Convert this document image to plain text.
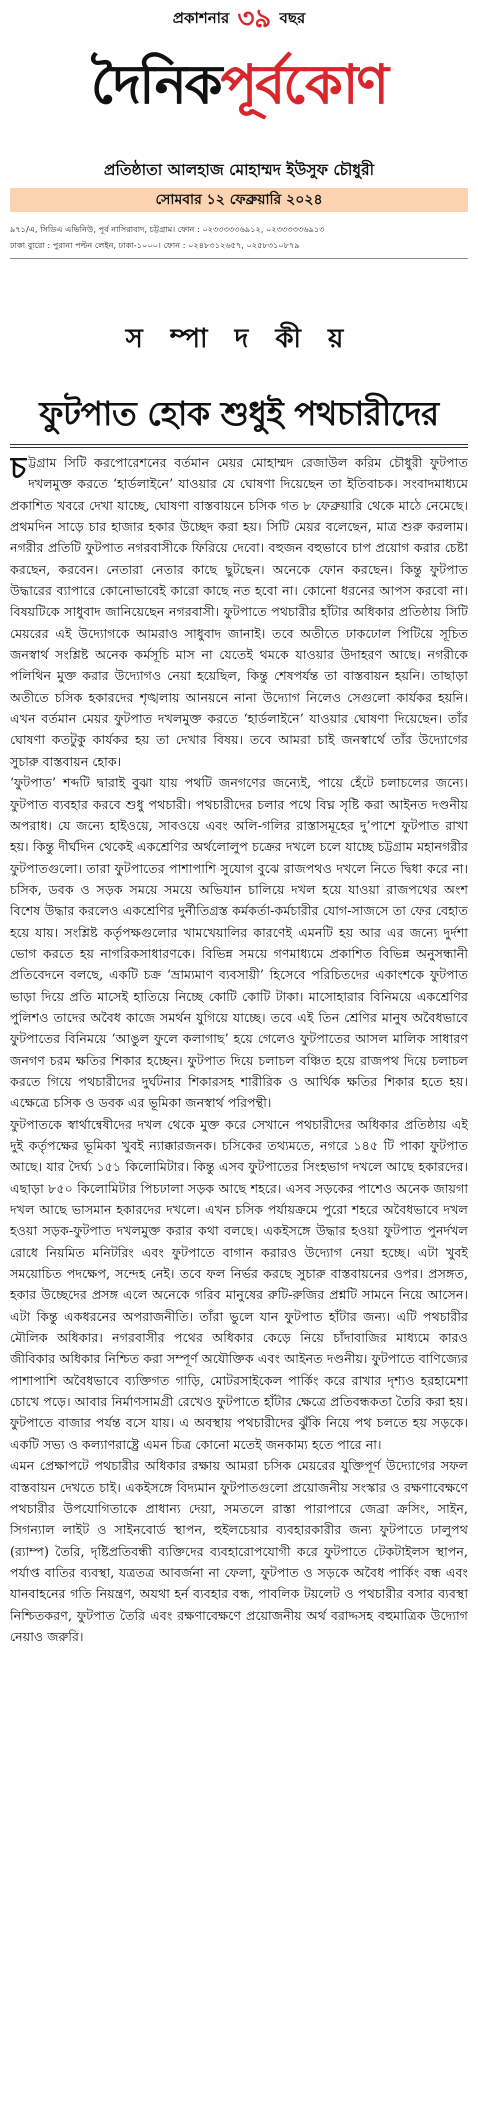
প্রকাশনার ৩৯ বছর
দৈনিকপূর্বকোণ
প্রতিষ্ঠাতা আলহাজ মোহাম্মদ ইউসুফ চৌধুরী
সোমবার ১২ ফেব্রুয়ারি ২০২৪
৯৭১/এ, সিডিএ এভিনিউ, পূর্ব নাসিরাবাদ, চট্টগ্রাম। ফোন : ০২৩৩৩৩৩৬৯১২, ০২৩৩৩৩৩৬৯১৩
ঢাকা ব্যুরো : পুরানা পল্টন লেইন, ঢাকা-১০০০। ফোন : ০২৪৮৩১২৬৫৭, ০২৫৮৩১০৮৭৯
স ম্পা দ কী য়
ফুটপাত হোক শুধুই পথচারীদের

চট্টগ্রাম সিটি করপোরেশনের বর্তমান মেয়র মোহাম্মদ রেজাউল করিম চৌধুরী ফুটপাত দখলমুক্ত করতে ‘হার্ডলাইনে’ যাওয়ার যে ঘোষণা দিয়েছেন তা ইতিবাচক। সংবাদমাধ্যমে প্রকাশিত খবরে দেখা যাচ্ছে, ঘোষণা বাস্তবায়নে চসিক গত ৮ ফেব্রুয়ারি থেকে মাঠে নেমেছে। প্রথমদিন সাড়ে চার হাজার হকার উচ্ছেদ করা হয়। সিটি মেয়র বলেছেন, মাত্র শুরু করলাম। নগরীর প্রতিটি ফুটপাত নগরবাসীকে ফিরিয়ে দেবো। বহুজন বহুভাবে চাপ প্রয়োগ করার চেষ্টা করছেন, করবেন। নেতারা নেতার কাছে ছুটছেন। অনেকে ফোন করছেন। কিন্তু ফুটপাত উদ্ধারের ব্যাপারে কোনোভাবেই কারো কাছে নত হবো না। কোনো ধরনের আপস করবো না। বিষয়টিকে সাধুবাদ জানিয়েছেন নগরবাসী। ফুটপাতে পথচারীর হাঁটার অধিকার প্রতিষ্ঠায় সিটি মেয়রের এই উদ্যোগকে আমরাও সাধুবাদ জানাই। তবে অতীতে ঢাকঢোল পিটিয়ে সূচিত জনস্বার্থ সংশ্লিষ্ট অনেক কর্মসূচি মাস না যেতেই থমকে যাওয়ার উদাহরণ আছে। নগরীকে পলিথিন মুক্ত করার উদ্যোগও নেয়া হয়েছিল, কিন্তু শেষপর্যন্ত তা বাস্তবায়ন হয়নি। তাছাড়া অতীতে চসিক হকারদের শৃঙ্খলায় আনয়নে নানা উদ্যোগ নিলেও সেগুলো কার্যকর হয়নি। এখন বর্তমান মেয়র ফুটপাত দখলমুক্ত করতে ‘হার্ডলাইনে’ যাওয়ার ঘোষণা দিয়েছেন। তাঁর ঘোষণা কতটুকু কার্যকর হয় তা দেখার বিষয়। তবে আমরা চাই জনস্বার্থে তাঁর উদ্যোগের সুচারু বাস্তবায়ন হোক।

‘ফুটপাত’ শব্দটি দ্বারাই বুঝা যায় পথটি জনগণের জন্যেই, পায়ে হেঁটে চলাচলের জন্যে। ফুটপাত ব্যবহার করবে শুধু পথচারী। পথচারীদের চলার পথে বিঘ্ন সৃষ্টি করা আইনত দণ্ডনীয় অপরাধ। যে জন্যে হাইওয়ে, সাবওয়ে এবং অলি-গলির রাস্তাসমূহের দু’পাশে ফুটপাত রাখা হয়। কিন্তু দীর্ঘদিন থেকেই একশ্রেণির অর্থলোলুপ চক্রের দখলে চলে যাচ্ছে চট্টগ্রাম মহানগরীর ফুটপাতগুলো। তারা ফুটপাতের পাশাপাশি সুযোগ বুঝে রাজপথও দখলে নিতে দ্বিধা করে না। চসিক, ডবক ও সড়ক সময়ে সময়ে অভিযান চালিয়ে দখল হয়ে যাওয়া রাজপথের অংশ বিশেষ উদ্ধার করলেও একশ্রেণির দুর্নীতিগ্রস্ত কর্মকর্তা-কর্মচারীর যোগ-সাজসে তা ফের বেহাত হয়ে যায়। সংশ্লিষ্ট কর্তৃপক্ষগুলোর খামখেয়ালির কারণেই এমনটি হয় আর এর জন্যে দুর্দশা ভোগ করতে হয় নাগরিকসাধারণকে। বিভিন্ন সময়ে গণমাধ্যমে প্রকাশিত বিভিন্ন অনুসন্ধানী প্রতিবেদনে বলছে, একটি চক্র ‘ভ্রাম্যমাণ ব্যবসায়ী’ হিসেবে পরিচিতদের একাংশকে ফুটপাত ভাড়া দিয়ে প্রতি মাসেই হাতিয়ে নিচ্ছে কোটি কোটি টাকা। মাসোহারার বিনিময়ে একশ্রেণির পুলিশও তাদের অবৈধ কাজে সমর্থন যুগিয়ে যাচ্ছে। তবে এই তিন শ্রেণির মানুষ অবৈধভাবে ফুটপাতের বিনিময়ে ‘আঙুল ফুলে কলাগাছ’ হয়ে গেলেও ফুটপাতের আসল মালিক সাধারণ জনগণ চরম ক্ষতির শিকার হচ্ছেন। ফুটপাত দিয়ে চলাচল বঞ্চিত হয়ে রাজপথ দিয়ে চলাচল করতে গিয়ে পথচারীদের দুর্ঘটনার শিকারসহ শারীরিক ও আর্থিক ক্ষতির শিকার হতে হয়। এক্ষেত্রে চসিক ও ডবক এর ভূমিকা জনস্বার্থ পরিপন্থী।

ফুটপাতকে স্বার্থান্বেষীদের দখল থেকে মুক্ত করে সেখানে পথচারীদের অধিকার প্রতিষ্ঠায় এই দুই কর্তৃপক্ষের ভূমিকা খুবই ন্যাক্কারজনক। চসিকের তথ্যমতে, নগরে ১৪৫ টি পাকা ফুটপাত আছে। যার দৈর্ঘ্য ১৫১ কিলোমিটার। কিন্তু এসব ফুটপাতের সিংহভাগ দখলে আছে হকারদের। এছাড়া ৮৫০ কিলোমিটার পিচঢালা সড়ক আছে শহরে। এসব সড়কের পাশেও অনেক জায়গা দখল আছে ভাসমান হকারদের দখলে। এখন চসিক পর্যায়ক্রমে পুরো শহরে অবৈধভাবে দখল হওয়া সড়ক-ফুটপাত দখলমুক্ত করার কথা বলছে। একইসঙ্গে উদ্ধার হওয়া ফুটপাত পুনর্দখল রোধে নিয়মিত মনিটরিং এবং ফুটপাতে বাগান করারও উদ্যোগ নেয়া হচ্ছে। এটা খুবই সময়োচিত পদক্ষেপ, সন্দেহ নেই। তবে ফল নির্ভর করছে সুচারু বাস্তবায়নের ওপর। প্রসঙ্গত, হকার উচ্ছেদের প্রসঙ্গ এলে অনেকে গরিব মানুষের রুটি-রুজির প্রশ্নটি সামনে নিয়ে আসেন। এটা কিন্তু একধরনের অপরাজনীতি। তাঁরা ভুলে যান ফুটপাত হাঁটার জন্য। এটি পথচারীর মৌলিক অধিকার। নগরবাসীর পথের অধিকার কেড়ে নিয়ে চাঁদাবাজির মাধ্যমে কারও জীবিকার অধিকার নিশ্চিত করা সম্পূর্ণ অযৌক্তিক এবং আইনত দণ্ডনীয়। ফুটপাতে বাণিজ্যের পাশাপাশি অবৈধভাবে ব্যক্তিগত গাড়ি, মোটরসাইকেল পার্কিং করে রাখার দৃশ্যও হরহামেশা চোখে পড়ে। আবার নির্মাণসামগ্রী রেখেও ফুটপাতে হাঁটার ক্ষেত্রে প্রতিবন্ধকতা তৈরি করা হয়। ফুটপাতে বাজার পর্যন্ত বসে যায়। এ অবস্থায় পথচারীদের ঝুঁকি নিয়ে পথ চলতে হয় সড়কে। একটি সভ্য ও কল্যাণরাষ্ট্রে এমন চিত্র কোনো মতেই জনকাম্য হতে পারে না।

এমন প্রেক্ষাপটে পথচারীর অধিকার রক্ষায় আমরা চসিক মেয়রের যুক্তিপূর্ণ উদ্যোগের সফল বাস্তবায়ন দেখতে চাই। একইসঙ্গে বিদ্যমান ফুটপাতগুলো প্রয়োজনীয় সংস্কার ও রক্ষণাবেক্ষণে পথচারীর উপযোগিতাকে প্রাধান্য দেয়া, সমতলে রাস্তা পারাপারে জেব্রা ক্রসিং, সাইন, সিগন্যাল লাইট ও সাইনবোর্ড স্থাপন, হুইলচেয়ার ব্যবহারকারীর জন্য ফুটপাতে ঢালুপথ (র‍্যাম্প) তৈরি, দৃষ্টিপ্রতিবন্ধী ব্যক্তিদের ব্যবহারোপযোগী করে ফুটপাতে টেকটাইলস স্থাপন, পর্যাপ্ত বাতির ব্যবস্থা, যত্রতত্র আবর্জনা না ফেলা, ফুটপাত ও সড়কে অবৈধ পার্কিং বন্ধ এবং যানবাহনের গতি নিয়ন্ত্রণ, অযথা হর্ন ব্যবহার বন্ধ, পাবলিক টয়লেট ও পথচারীর বসার ব্যবস্থা নিশ্চিতকরণ, ফুটপাত তৈরি এবং রক্ষণাবেক্ষণে প্রয়োজনীয় অর্থ বরাদ্দসহ বহুমাত্রিক উদ্যোগ নেয়াও জরুরি।
